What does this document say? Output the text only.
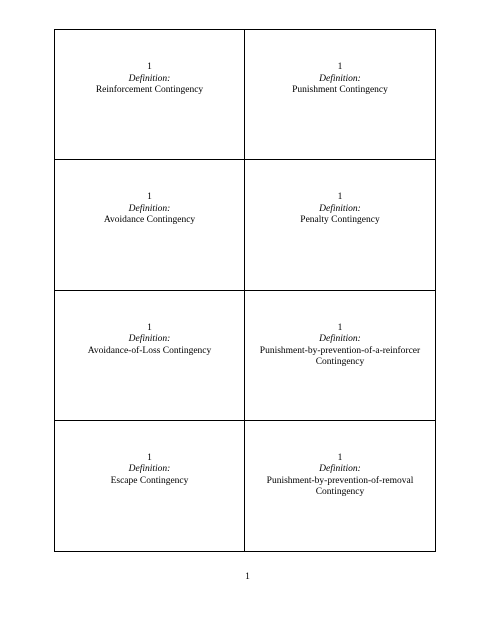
1
Definition:
Reinforcement Contingency
1
Definition:
Punishment Contingency
1
Definition:
Avoidance Contingency
1
Definition:
Penalty Contingency
1
Definition:
Avoidance-of-Loss Contingency
1
Definition:
Punishment-by-prevention-of-a-reinforcer Contingency
1
Definition:
Escape Contingency
1
Definition:
Punishment-by-prevention-of-removal Contingency
1
